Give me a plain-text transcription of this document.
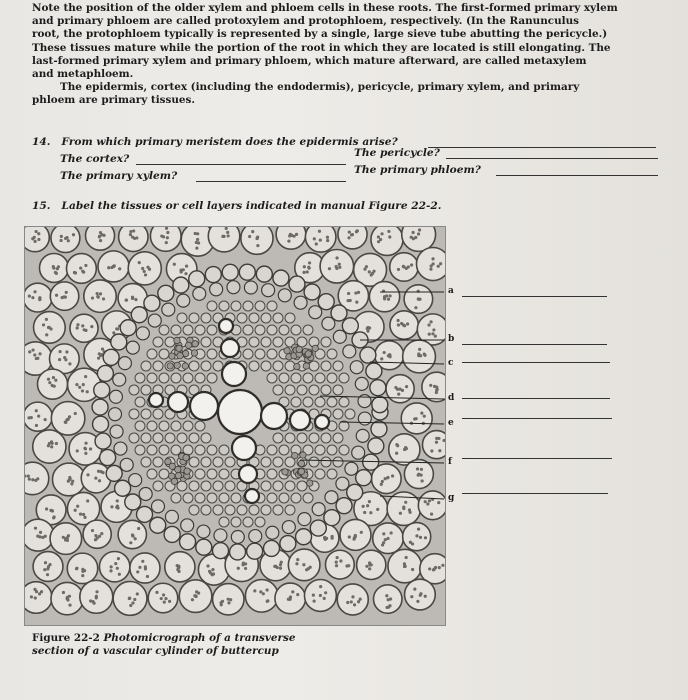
Note the position of the older xylem and phloem cells in these roots. The first-formed primary xylem

and primary phloem are called protoxylem and protophloem, respectively. (In the Ranunculus

root, the protophloem typically is represented by a single, large sieve tube abutting the pericycle.)

These tissues mature while the portion of the root in which they are located is still elongating. The

last-formed primary xylem and primary phloem, which mature afterward, are called metaxylem

and metaphloem.

The epidermis, cortex (including the endodermis), pericycle, primary xylem, and primary

phloem are primary tissues.

14. From which primary meristem does the epidermis arise?
The cortex?	The pericycle?
The primary xylem?	The primary phloem?
15. Label the tissues or cell layers indicated in manual Figure 22-2.
a
b
c
d
e
f
g
Figure 22-2 Photomicrograph of a transverse
section of a vascular cylinder of buttercup
